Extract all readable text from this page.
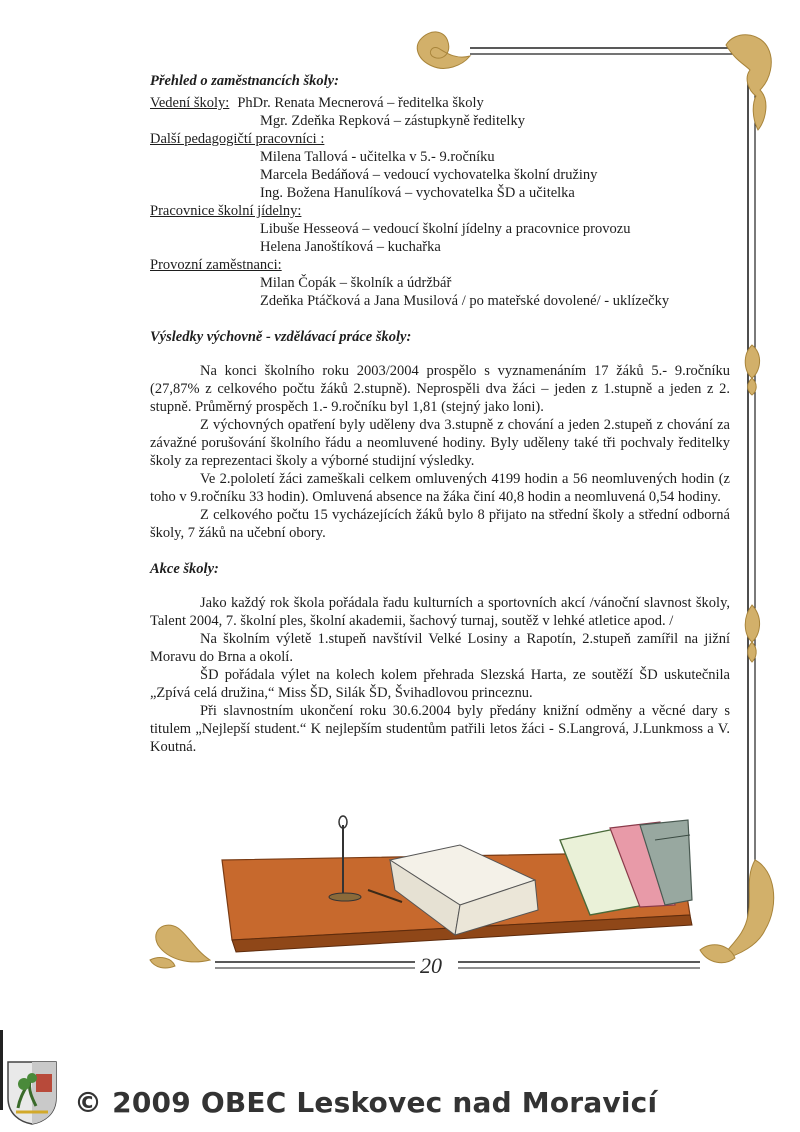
Přehled o zaměstnancích školy:
Vedení školy: PhDr. Renata Mecnerová – ředitelka školy
Mgr. Zdeňka Repková – zástupkyně ředitelky
Další pedagogičtí pracovníci :
Milena Tallová - učitelka v 5.- 9.ročníku
Marcela Bedáňová – vedoucí vychovatelka školní družiny
Ing. Božena Hanulíková – vychovatelka ŠD a učitelka
Pracovnice školní jídelny:
Libuše Hesseová – vedoucí školní jídelny a pracovnice provozu
Helena Janoštíková – kuchařka
Provozní zaměstnanci:
Milan Čopák – školník a údržbář
Zdeňka Ptáčková a Jana Musilová / po mateřské dovolené/ - uklízečky
Výsledky výchovně - vzdělávací práce školy:

Na konci školního roku 2003/2004 prospělo s vyznamenáním 17 žáků 5.- 9.ročníku (27,87% z celkového počtu žáků 2.stupně). Neprospěli dva žáci – jeden z 1.stupně a jeden z 2. stupně. Průměrný prospěch 1.- 9.ročníku byl 1,81 (stejný jako loni).

Z výchovných opatření byly uděleny dva 3.stupně z chování a jeden 2.stupeň z chování za závažné porušování školního řádu a neomluvené hodiny. Byly uděleny také tři pochvaly ředitelky školy za reprezentaci školy a výborné studijní výsledky.

Ve 2.pololetí žáci zameškali celkem omluvených 4199 hodin a 56 neomluvených hodin (z toho v 9.ročníku 33 hodin). Omluvená absence na žáka činí 40,8 hodin a neomluvená 0,54 hodiny.

Z celkového počtu 15 vycházejících žáků bylo 8 přijato na střední školy a střední odborná školy, 7 žáků na učební obory.

Akce školy:

Jako každý rok škola pořádala řadu kulturních a sportovních akcí /vánoční slavnost školy, Talent 2004, 7. školní ples, školní akademii, šachový turnaj, soutěž v lehké atletice apod. /

Na školním výletě 1.stupeň navštívil Velké Losiny a Rapotín, 2.stupeň zamířil na jižní Moravu do Brna a okolí.

ŠD pořádala výlet na kolech kolem přehrada Slezská Harta, ze soutěží ŠD uskutečnila „Zpívá celá družina,“ Miss ŠD, Silák ŠD, Švihadlovou princeznu.

Při slavnostním ukončení roku 30.6.2004 byly předány knižní odměny a věcné dary s titulem „Nejlepší student.“ K nejlepším studentům patřili letos žáci - S.Langrová, J.Lunkmoss a V. Koutná.

20
© 2009 OBEC Leskovec nad Moravicí
